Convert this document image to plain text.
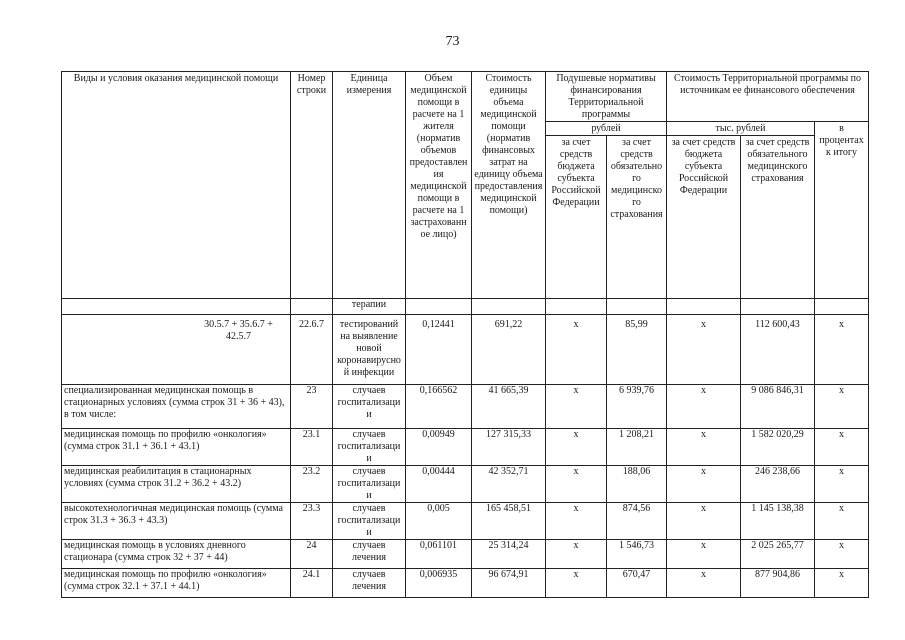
73
Виды и условия оказания медицинской помощи	Номер строки	Единица измерения	Объем медицинской помощи в расчете на 1 жителя (норматив объемов предоставления медицинской помощи в расчете на 1 застрахованное лицо)	Стоимость единицы объема медицинской помощи (норматив финансовых затрат на единицу объема предоставления медицинской помощи)	Подушевые нормативы финансирования Территориальной программы		Стоимость Территориальной программы по источникам ее финансового обеспечения		
					рублей		тыс. рублей		в процентах к итогу
					за счет средств бюджета субъекта Российской Федерации	за счет средств обязательного медицинского страхования	за счет средств бюджета субъекта Российской Федерации	за счет средств обязательного медицинского страхования	
		терапии							
30.5.7 + 35.6.7 + 42.5.7	22.6.7	тестирований на выявление новой коронавирусной инфекции	0,12441	691,22	х	85,99	х	112 600,43	х
специализированная медицинская помощь в стационарных условиях (сумма строк 31 + 36 + 43), в том числе:	23	случаев госпитализации	0,166562	41 665,39	х	6 939,76	х	9 086 846,31	х
медицинская помощь по профилю «онкология» (сумма строк 31.1 + 36.1 + 43.1)	23.1	случаев госпитализации	0,00949	127 315,33	х	1 208,21	х	1 582 020,29	х
медицинская реабилитация в стационарных условиях (сумма строк 31.2 + 36.2 + 43.2)	23.2	случаев госпитализации	0,00444	42 352,71	х	188,06	х	246 238,66	х
высокотехнологичная медицинская помощь (сумма строк 31.3 + 36.3 + 43.3)	23.3	случаев госпитализации	0,005	165 458,51	х	874,56	х	1 145 138,38	х
медицинская помощь в условиях дневного стационара (сумма строк 32 + 37 + 44)	24	случаев лечения	0,061101	25 314,24	х	1 546,73	х	2 025 265,77	х
медицинская помощь по профилю «онкология» (сумма строк 32.1 + 37.1 + 44.1)	24.1	случаев лечения	0,006935	96 674,91	х	670,47	х	877 904,86	х
